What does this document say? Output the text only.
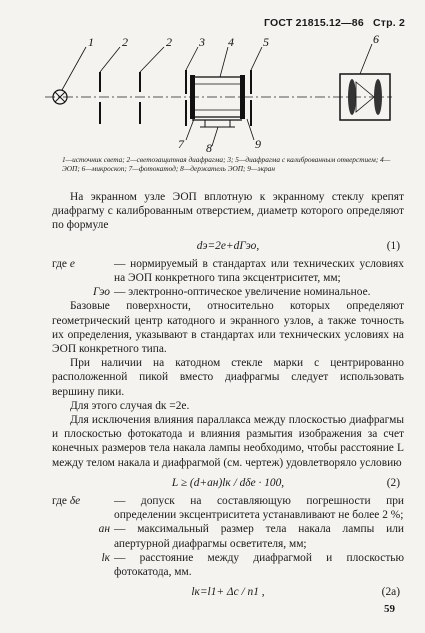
ГОСТ 21815.12—86 Стр. 2
1 2	2 3 4 5	6
7 8	9
1—источник света; 2—светозащитная диафрагма; 3; 5—диафрагма с калиброванным отверстием; 4—ЭОП; 6—микроскоп; 7—фотокатод; 8—держатель ЭОП; 9—экран

На экранном узле ЭОП вплотную к экранному стеклу крепят диафрагму с калиброванным отверстием, диаметр которого определяют по формуле

dэ=2e+dΓэо,	(1)
где e	— нормируемый в стандартах или технических условиях на ЭОП конкретного типа эксцентриситет, мм;
Γэо — электронно-оптическое увеличение номинальное.

Базовые поверхности, относительно которых определяют геометрический центр катодного и экранного узлов, а также точность их определения, указывают в стандартах или технических условиях на ЭОП конкретного типа.

При наличии на катодном стекле марки с центрированно расположенной пикой вместо диафрагмы следует использовать вершину пики.

Для этого случая dк =2e.

Для исключения влияния параллакса между плоскостью диафрагмы и плоскостью фотокатода и влияния размытия изображения за счет конечных размеров тела накала лампы необходимо, чтобы расстояние L между телом накала и диафрагмой (см. чертеж) удовлетворяло условию

L ≥ (d+aн)lк / dδe · 100,	(2)
где δe	— допуск на составляющую погрешности при определении эксцентриситета устанавливают не более 2 %;
aн — максимальный размер тела накала лампы или апертурной диафрагмы осветителя, мм;
lк — расстояние между диафрагмой и плоскостью фотокатода, мм.
lк=l1+ Δc / n1 ,	(2a)
59
